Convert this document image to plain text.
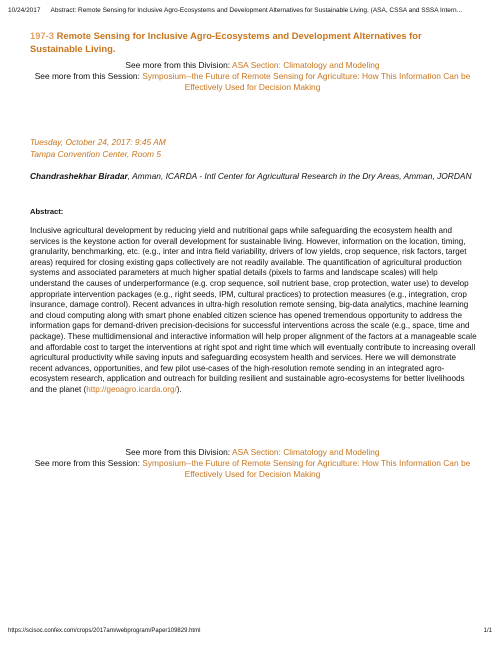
10/24/2017 Abstract: Remote Sensing for Inclusive Agro-Ecosystems and Development Alternatives for Sustainable Living. (ASA, CSSA and SSSA Intern...
197-3 Remote Sensing for Inclusive Agro-Ecosystems and Development Alternatives for Sustainable Living.
See more from this Division: ASA Section: Climatology and Modeling
See more from this Session: Symposium--the Future of Remote Sensing for Agriculture: How This Information Can be Effectively Used for Decision Making
Tuesday, October 24, 2017: 9:45 AM
Tampa Convention Center, Room 5
Chandrashekhar Biradar, Amman, ICARDA - Intl Center for Agricultural Research in the Dry Areas, Amman, JORDAN
Abstract:
Inclusive agricultural development by reducing yield and nutritional gaps while safeguarding the ecosystem health and services is the keystone action for overall development for sustainable living. However, information on the location, timing, granularity, benchmarking, etc. (e.g., inter and intra field variability, drivers of low yields, crop sequence, risk factors, target areas) required for closing existing gaps collectively are not readily available. The quantification of agricultural production systems and associated parameters at much higher spatial details (pixels to farms and landscape scales) will help understand the causes of underperformance (e.g. crop sequence, soil nutrient base, crop protection, water use) to develop appropriate intervention packages (e.g., right seeds, IPM, cultural practices) to protection measures (e.g., integration, crop insurance, damage control). Recent advances in ultra-high resolution remote sensing, big-data analytics, machine learning and cloud computing along with smart phone enabled citizen science has opened tremendous opportunity to address the information gaps for demand-driven precision-decisions for successful interventions across the scale (e.g., space, time and package). These multidimensional and interactive information will help proper alignment of the factors at a manageable scale and affordable cost to target the interventions at right spot and right time which will eventually contribute to increasing overall agricultural productivity while saving inputs and safeguarding ecosystem health and services. Here we will demonstrate recent advances, opportunities, and few pilot use-cases of the high-resolution remote sending in an integrated agro-ecosystem research, application and outreach for building resilient and sustainable agro-ecosystems for better livelihoods and the planet (http://geoagro.icarda.org/).
See more from this Division: ASA Section: Climatology and Modeling
See more from this Session: Symposium--the Future of Remote Sensing for Agriculture: How This Information Can be Effectively Used for Decision Making
https://scisoc.confex.com/crops/2017am/webprogram/Paper109829.html	1/1
